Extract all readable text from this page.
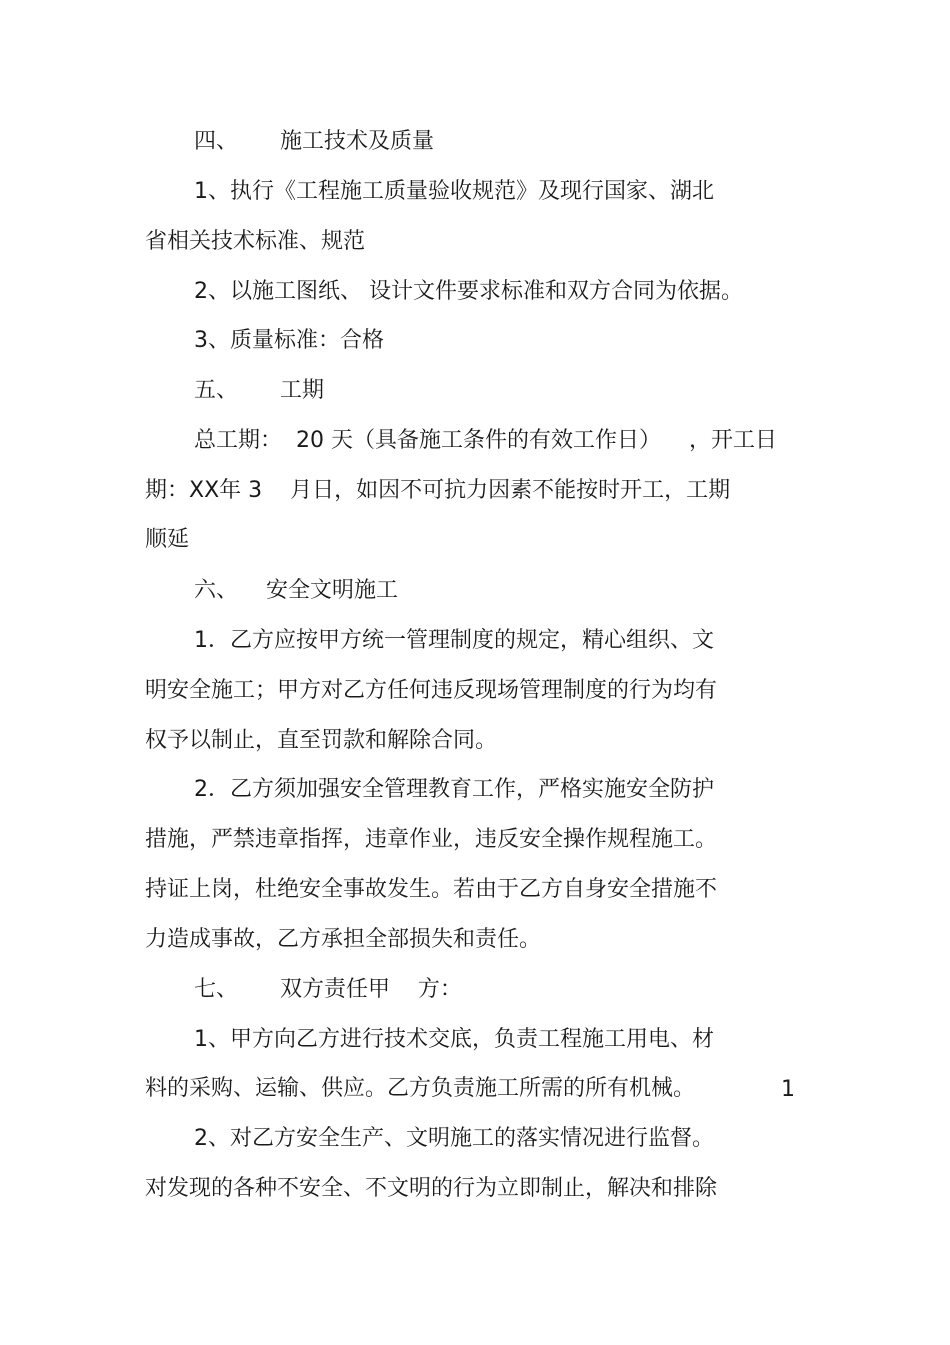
四、      施工技术及质量
1、执行《工程施工质量验收规范》及现行国家、湖北
省相关技术标准、规范
2、以施工图纸、 设计文件要求标准和双方合同为依据。
3、质量标准：合格
五、      工期
总工期：  20 天（具备施工条件的有效工作日）    ，开工日
期：XX年 3    月日，如因不可抗力因素不能按时开工，工期
顺延
六、    安全文明施工
1．乙方应按甲方统一管理制度的规定，精心组织、文
明安全施工；甲方对乙方任何违反现场管理制度的行为均有
权予以制止，直至罚款和解除合同。
2．乙方须加强安全管理教育工作，严格实施安全防护
措施，严禁违章指挥，违章作业，违反安全操作规程施工。
持证上岗，杜绝安全事故发生。若由于乙方自身安全措施不
力造成事故，乙方承担全部损失和责任。
七、      双方责任甲    方：
1、甲方向乙方进行技术交底，负责工程施工用电、材
料的采购、运输、供应。乙方负责施工所需的所有机械。
2、对乙方安全生产、文明施工的落实情况进行监督。
对发现的各种不安全、不文明的行为立即制止，解决和排除
1
